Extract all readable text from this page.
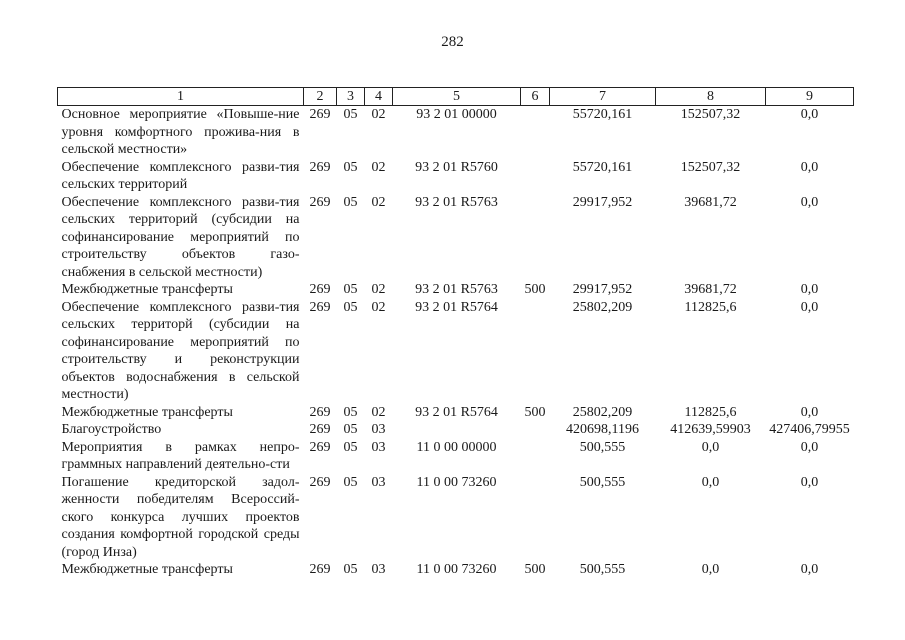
282
1	2	3	4	5	6	7	8	9
Основное мероприятие «Повыше-ние уровня комфортного прожива-ния в сельской местности»	269	05	02	93 2 01 00000		55720,161	152507,32	0,0
Обеспечение комплексного разви-тия сельских территорий	269	05	02	93 2 01 R5760		55720,161	152507,32	0,0
Обеспечение комплексного разви-тия сельских территорий (субсидии на софинансирование мероприятий по строительству объектов газо-снабжения в сельской местности)	269	05	02	93 2 01 R5763		29917,952	39681,72	0,0
Межбюджетные трансферты	269	05	02	93 2 01 R5763	500	29917,952	39681,72	0,0
Обеспечение комплексного разви-тия сельских территорй (субсидии на софинансирование мероприятий по строительству и реконструкции объектов водоснабжения в сельской местности)	269	05	02	93 2 01 R5764		25802,209	112825,6	0,0
Межбюджетные трансферты	269	05	02	93 2 01 R5764	500	25802,209	112825,6	0,0
Благоустройство	269	05	03			420698,1196	412639,59903	427406,79955
Мероприятия в рамках непро-граммных направлений деятельно-сти	269	05	03	11 0 00 00000		500,555	0,0	0,0
Погашение кредиторской задол-женности победителям Всероссий-ского конкурса лучших проектов создания комфортной городской среды (город Инза)	269	05	03	11 0 00 73260		500,555	0,0	0,0
Межбюджетные трансферты	269	05	03	11 0 00 73260	500	500,555	0,0	0,0
